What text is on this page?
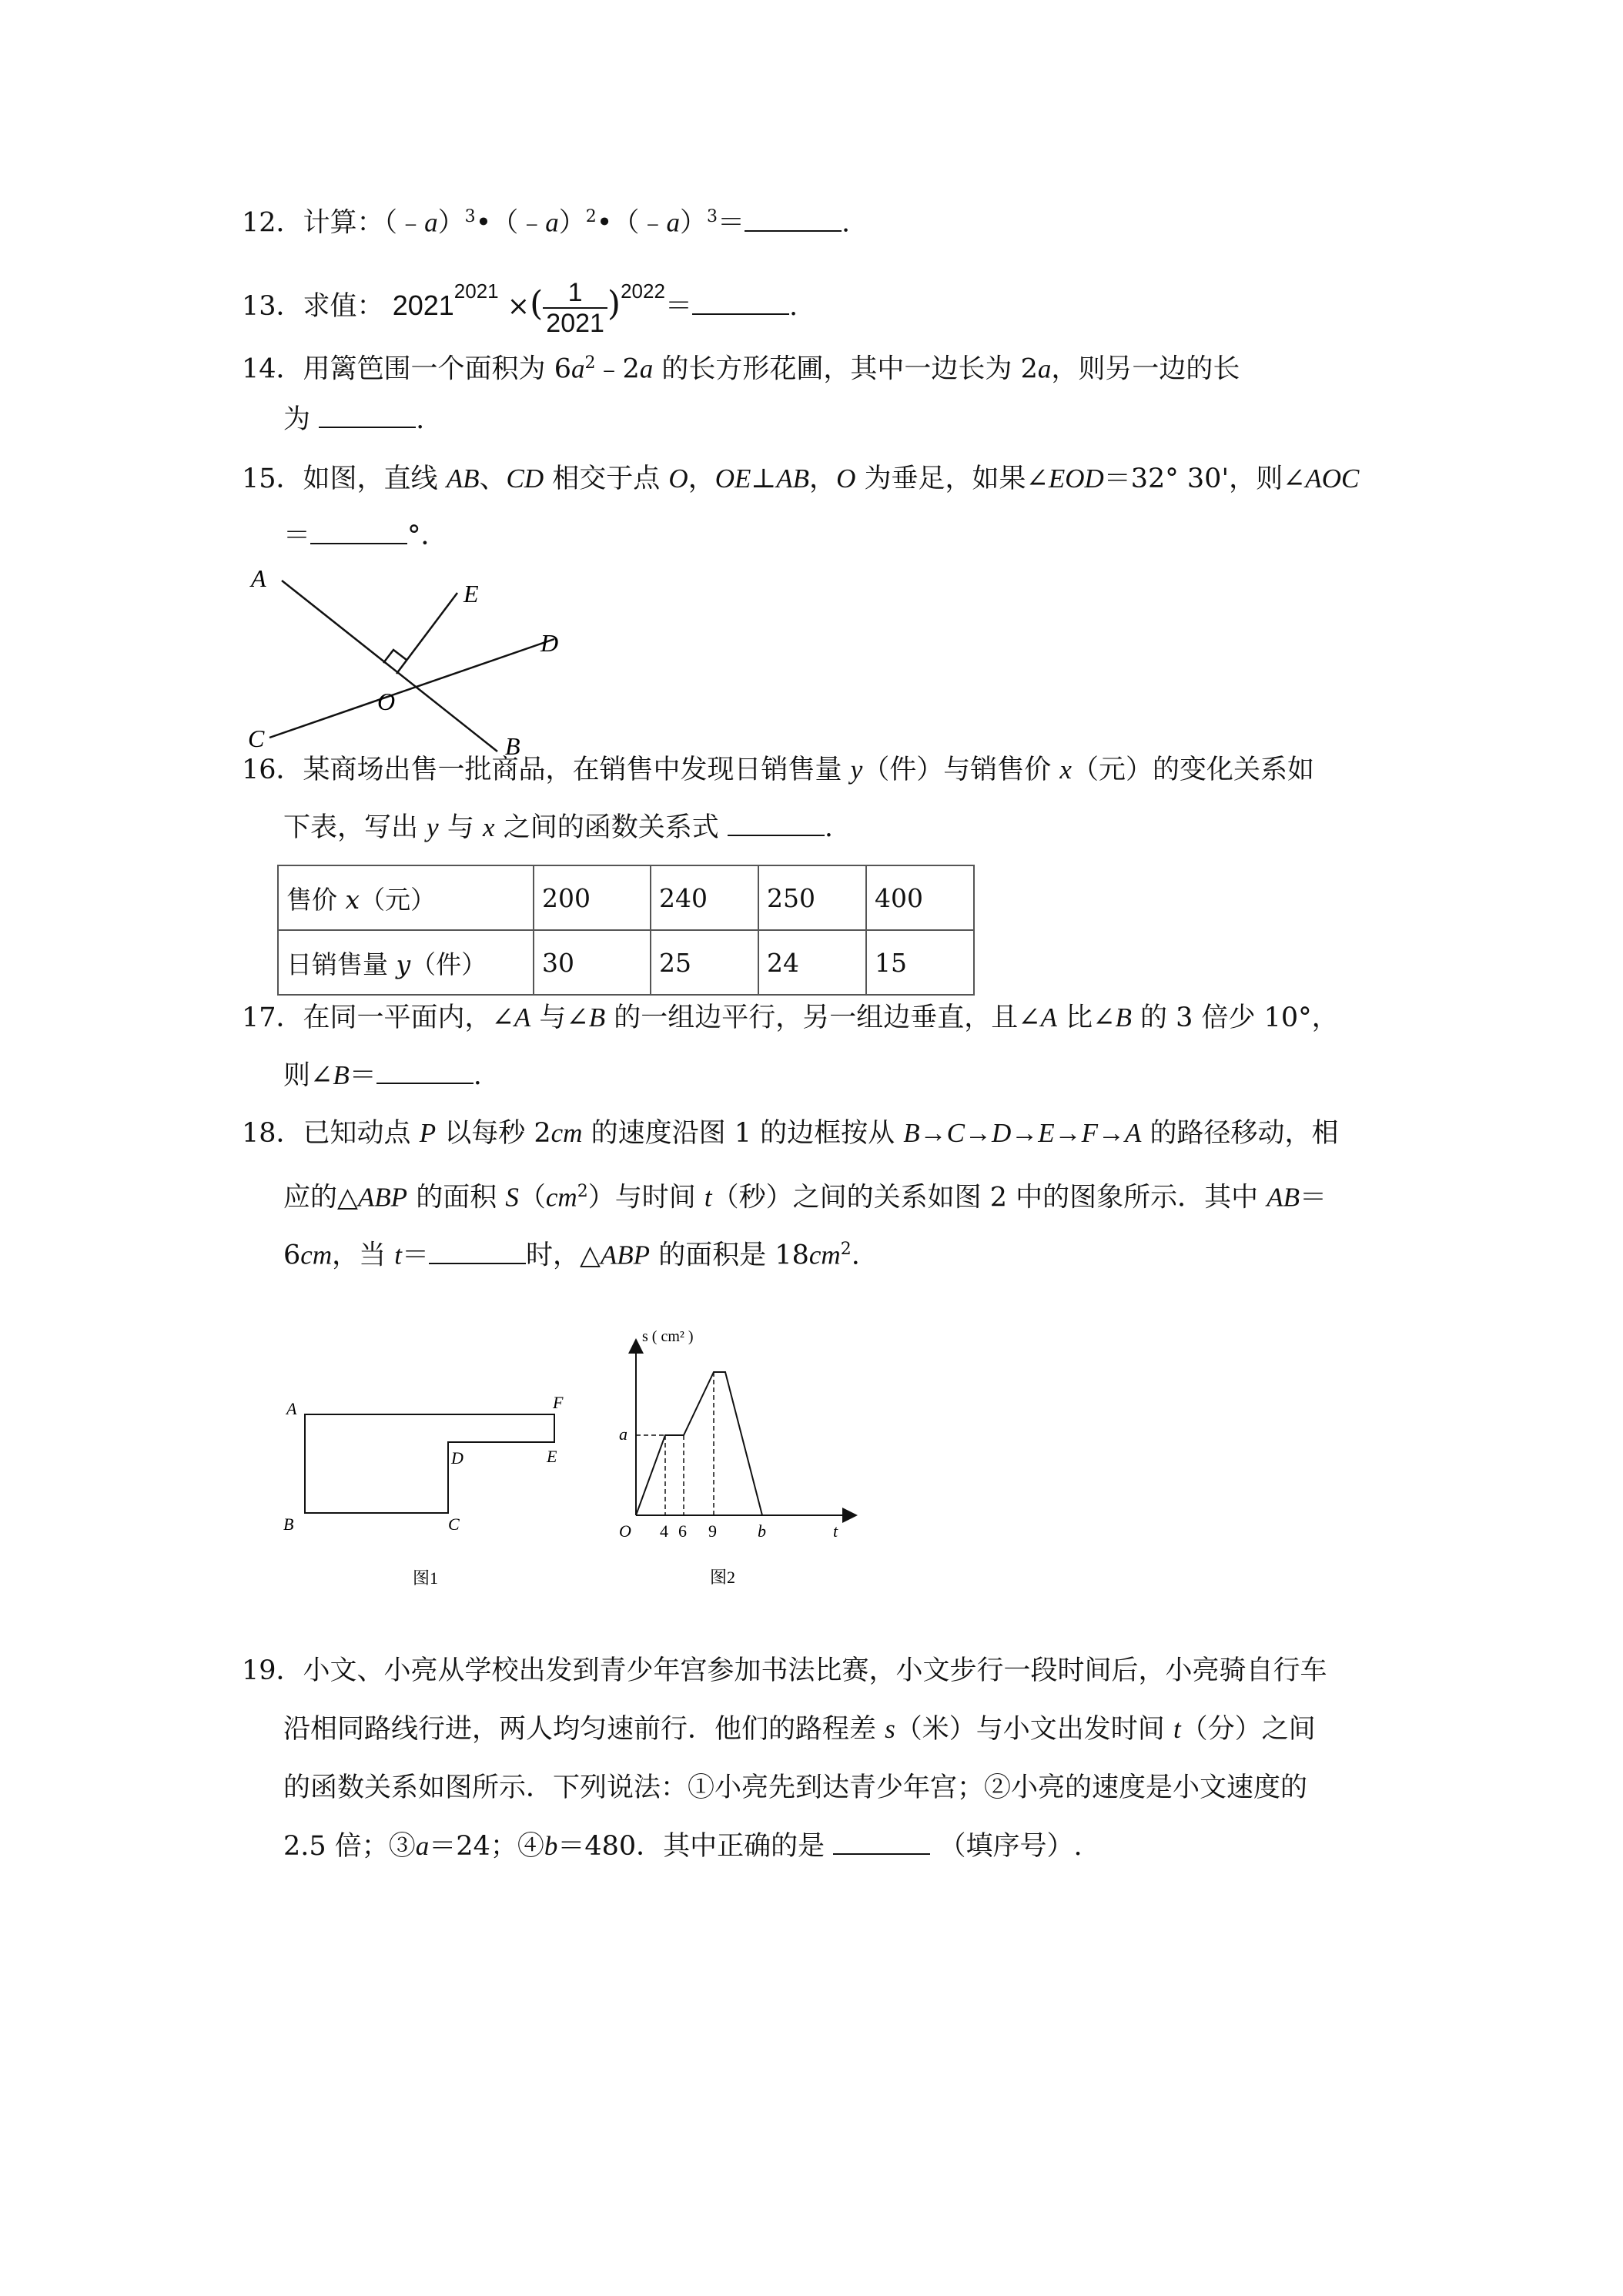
12．计算：（﹣a）$^3$•（﹣a）$^2$•（﹣a）$^3$＝	.
13．求值： $2021^{2021}$ ×( $\frac{1}{2021} )^{2022}=$	.
14．用篱笆围一个面积为 $6a^2﹣2a$ 的长方形花圃，其中一边长为 2a，则另一边的长
为	.
15．如图，直线 AB、CD 相交于点 O，OE⊥AB，O 为垂足，如果∠EOD＝32° 30'，则∠AOC
＝	°．
A
E
D
O
C	B
16．某商场出售一批商品，在销售中发现日销售量 y（件）与销售价 x（元）的变化关系如
下表，写出 y 与 x 之间的函数关系式	.
售价 x（元）	200	240	250	400
日销售量 y（件）	30	25	24	15
17．在同一平面内，∠A 与∠B 的一组边平行，另一组边垂直，且∠A 比∠B 的 3 倍少 10°，
则∠B＝	.
18．已知动点 P 以每秒 2cm 的速度沿图 1 的边框按从 B→C→D→E→F→A 的路径移动，相
应的△ABP 的面积 $S(cm^2)$与时间 t（秒）之间的关系如图 2 中的图象所示．其中 AB＝
6cm，当 t＝	时，△ABP 的面积是 $18cm^2$.
A	F
D	E
B	C
图1
s ( cm² )
a
O 4 6 9 b	t
图2
19．小文、小亮从学校出发到青少年宫参加书法比赛，小文步行一段时间后，小亮骑自行车
沿相同路线行进，两人均匀速前行．他们的路程差 s（米）与小文出发时间 t（分）之间
的函数关系如图所示．下列说法：①小亮先到达青少年宫；②小亮的速度是小文速度的
2.5 倍；③a＝24；④b＝480．其中正确的是	（填序号）.
